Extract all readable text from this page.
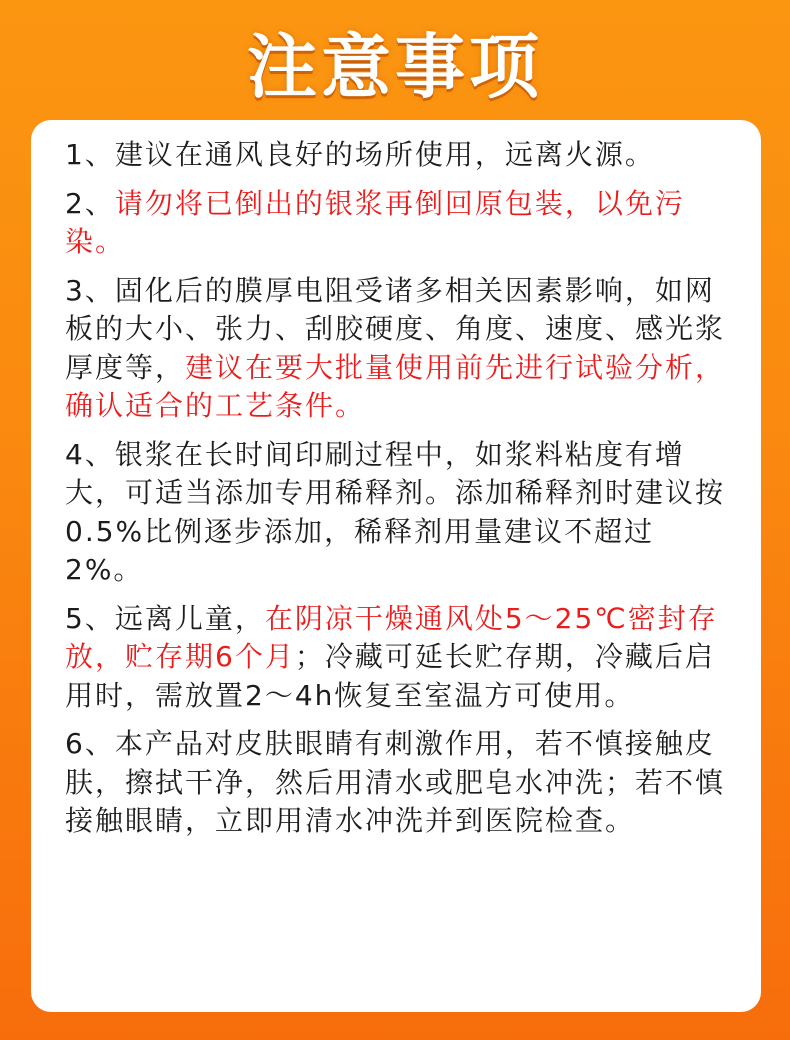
注意事项

1、建议在通风良好的场所使用，远离火源。

2、请勿将已倒出的银浆再倒回原包装，以免污染。

3、固化后的膜厚电阻受诸多相关因素影响，如网板的大小、张力、刮胶硬度、角度、速度、感光浆厚度等，建议在要大批量使用前先进行试验分析，确认适合的工艺条件。

4、银浆在长时间印刷过程中，如浆料粘度有增大，可适当添加专用稀释剂。添加稀释剂时建议按0.5%比例逐步添加，稀释剂用量建议不超过2%。

5、远离儿童，在阴凉干燥通风处5～25℃密封存放，贮存期6个月；冷藏可延长贮存期，冷藏后启用时，需放置2～4h恢复至室温方可使用。

6、本产品对皮肤眼睛有刺激作用，若不慎接触皮肤，擦拭干净，然后用清水或肥皂水冲洗；若不慎接触眼睛，立即用清水冲洗并到医院检查。
